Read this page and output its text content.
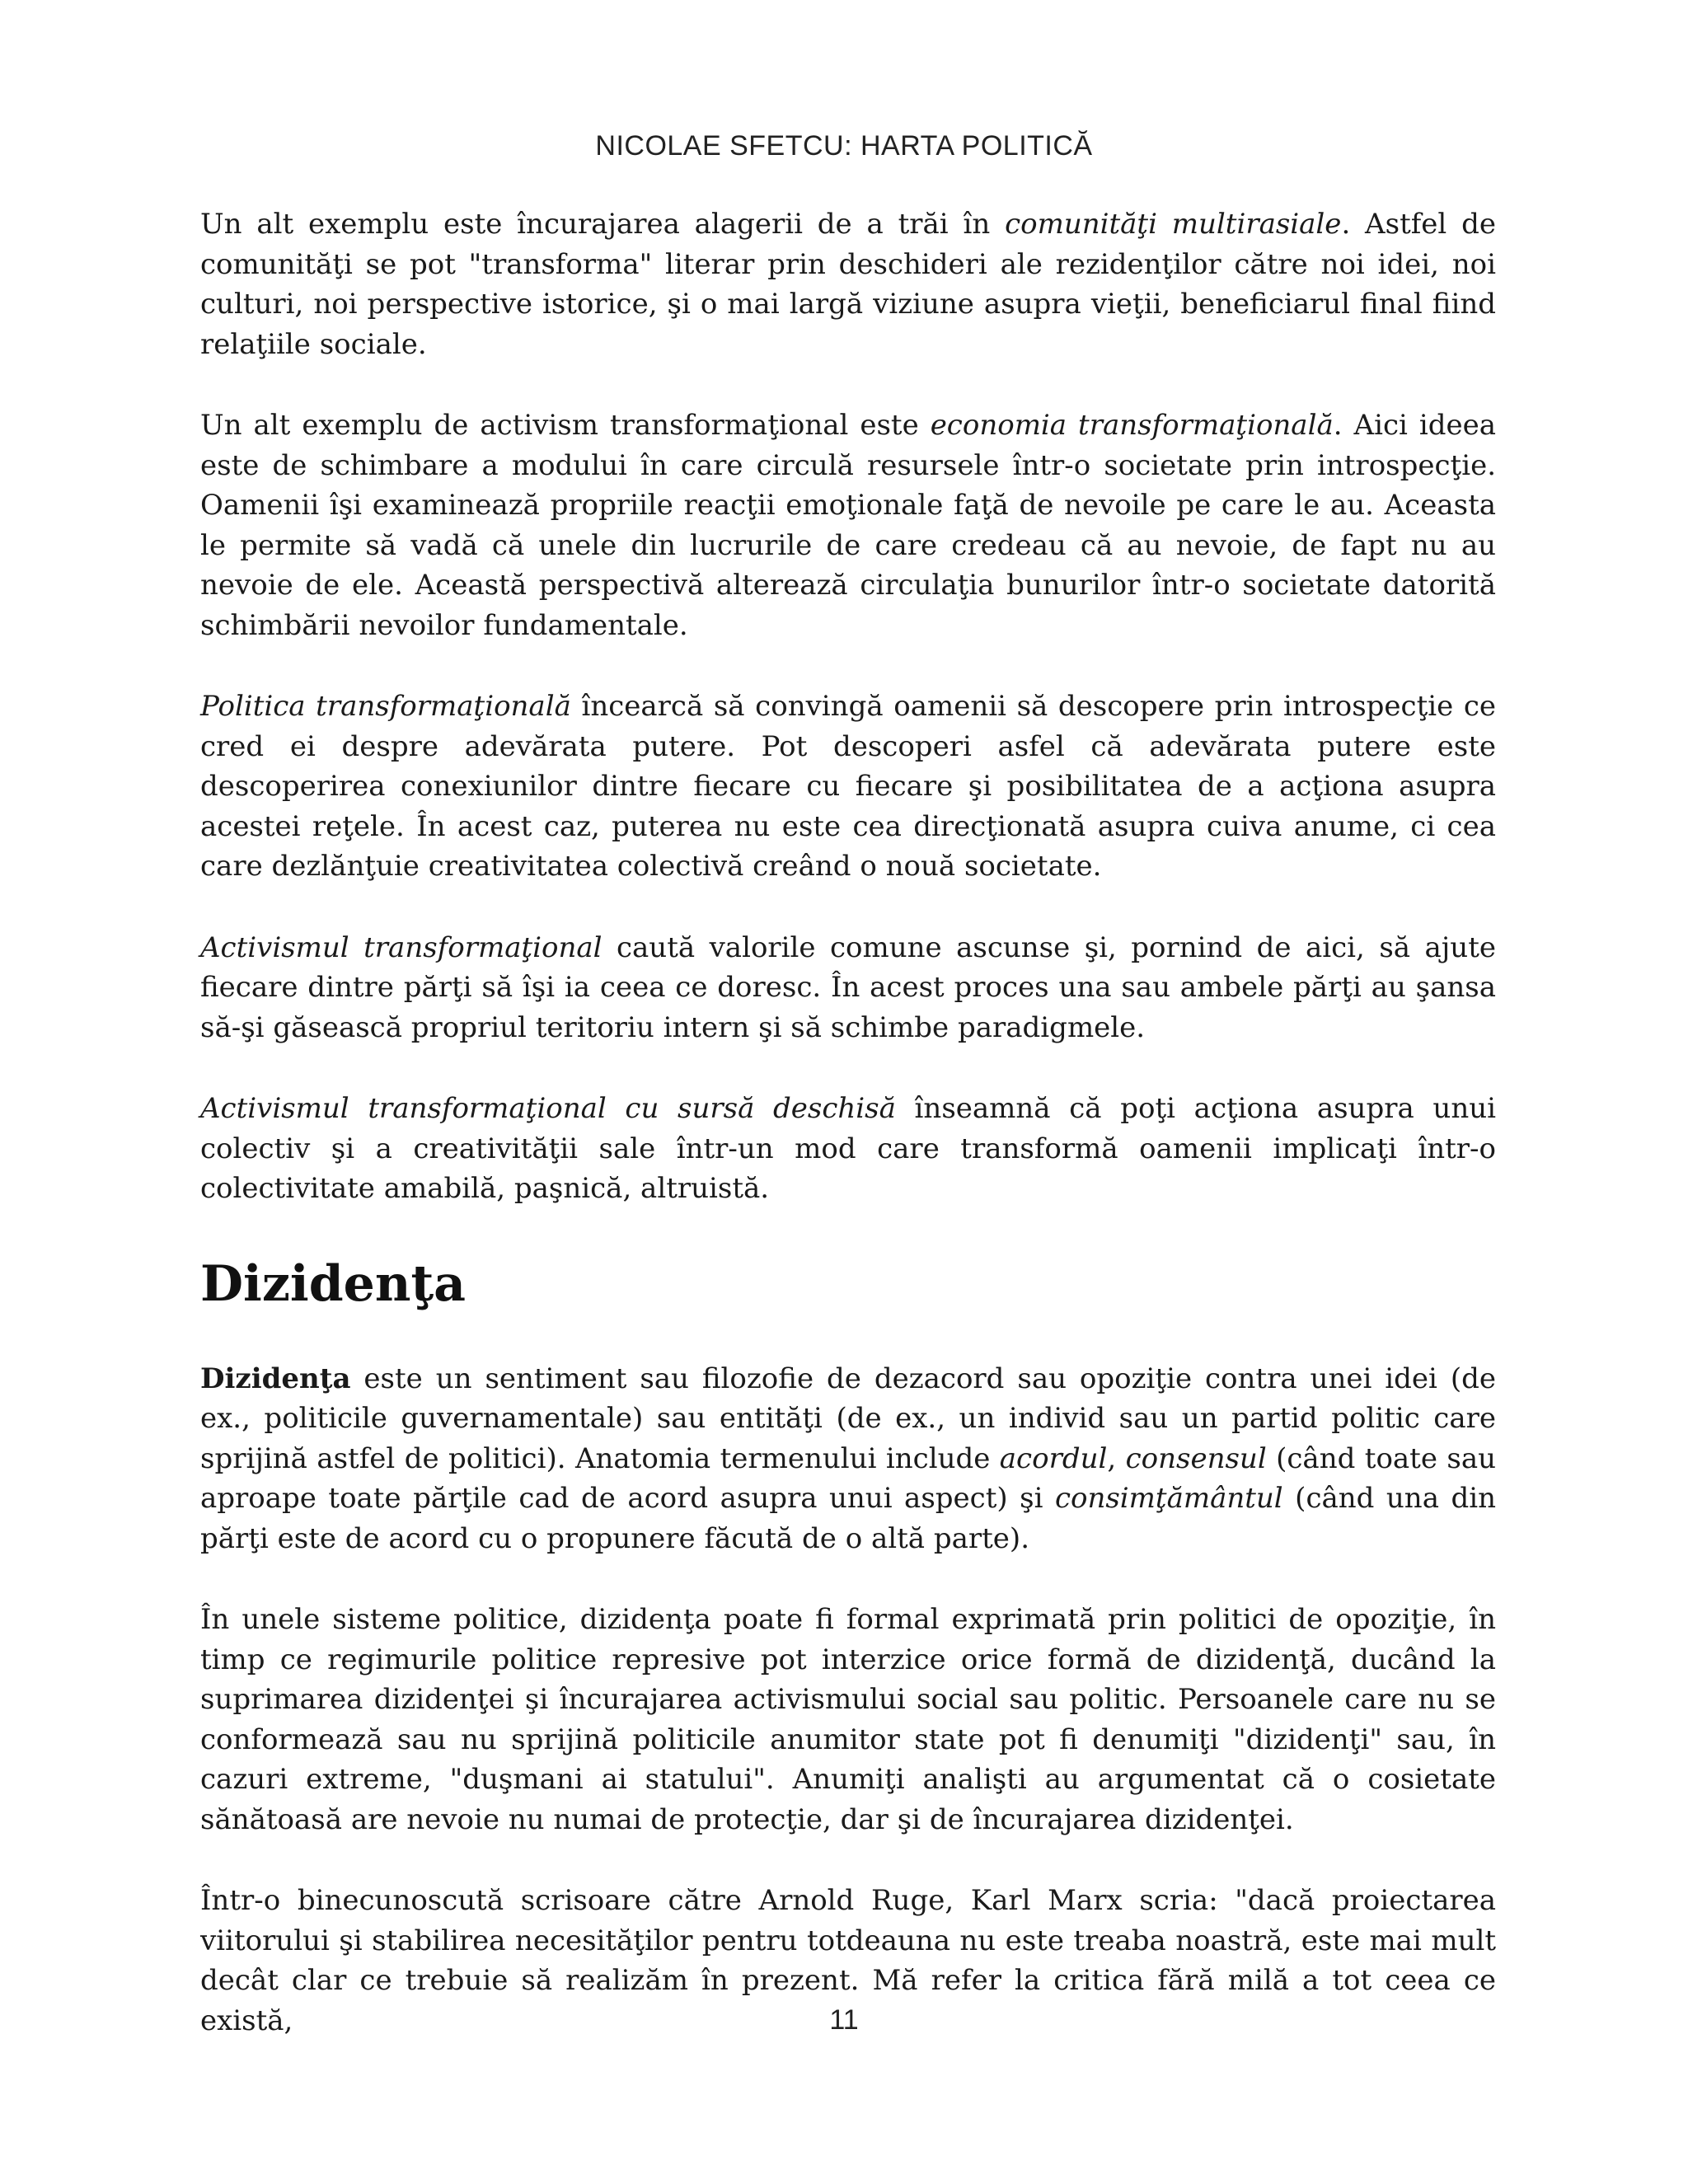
NICOLAE SFETCU: HARTA POLITICĂ

Un alt exemplu este încurajarea alagerii de a trăi în comunităţi multirasiale. Astfel de comunităţi se pot "transforma" literar prin deschideri ale rezidenţilor către noi idei, noi culturi, noi perspective istorice, şi o mai largă viziune asupra vieţii, beneficiarul final fiind relaţiile sociale.

Un alt exemplu de activism transformaţional este economia transformaţională. Aici ideea este de schimbare a modului în care circulă resursele într-o societate prin introspecţie. Oamenii îşi examinează propriile reacţii emoţionale faţă de nevoile pe care le au. Aceasta le permite să vadă că unele din lucrurile de care credeau că au nevoie, de fapt nu au nevoie de ele. Această perspectivă alterează circulaţia bunurilor într-o societate datorită schimbării nevoilor fundamentale.

Politica transformaţională încearcă să convingă oamenii să descopere prin introspecţie ce cred ei despre adevărata putere. Pot descoperi asfel că adevărata putere este descoperirea conexiunilor dintre fiecare cu fiecare şi posibilitatea de a acţiona asupra acestei reţele. În acest caz, puterea nu este cea direcţionată asupra cuiva anume, ci cea care dezlănţuie creativitatea colectivă creând o nouă societate.

Activismul transformaţional caută valorile comune ascunse şi, pornind de aici, să ajute fiecare dintre părţi să îşi ia ceea ce doresc. În acest proces una sau ambele părţi au şansa să-şi găsească propriul teritoriu intern şi să schimbe paradigmele.

Activismul transformaţional cu sursă deschisă înseamnă că poţi acţiona asupra unui colectiv şi a creativităţii sale într-un mod care transformă oamenii implicaţi într-o colectivitate amabilă, paşnică, altruistă.

Dizidenţa

Dizidenţa este un sentiment sau filozofie de dezacord sau opoziţie contra unei idei (de ex., politicile guvernamentale) sau entităţi (de ex., un individ sau un partid politic care sprijină astfel de politici). Anatomia termenului include acordul, consensul (când toate sau aproape toate părţile cad de acord asupra unui aspect) şi consimţământul (când una din părţi este de acord cu o propunere făcută de o altă parte).

În unele sisteme politice, dizidenţa poate fi formal exprimată prin politici de opoziţie, în timp ce regimurile politice represive pot interzice orice formă de dizidenţă, ducând la suprimarea dizidenţei şi încurajarea activismului social sau politic. Persoanele care nu se conformează sau nu sprijină politicile anumitor state pot fi denumiţi "dizidenţi" sau, în cazuri extreme, "duşmani ai statului". Anumiţi analişti au argumentat că o cosietate sănătoasă are nevoie nu numai de protecţie, dar şi de încurajarea dizidenţei.

Într-o binecunoscută scrisoare către Arnold Ruge, Karl Marx scria: "dacă proiectarea viitorului şi stabilirea necesităţilor pentru totdeauna nu este treaba noastră, este mai mult decât clar ce trebuie să realizăm în prezent. Mă refer la critica fără milă a tot ceea ce există,	11
